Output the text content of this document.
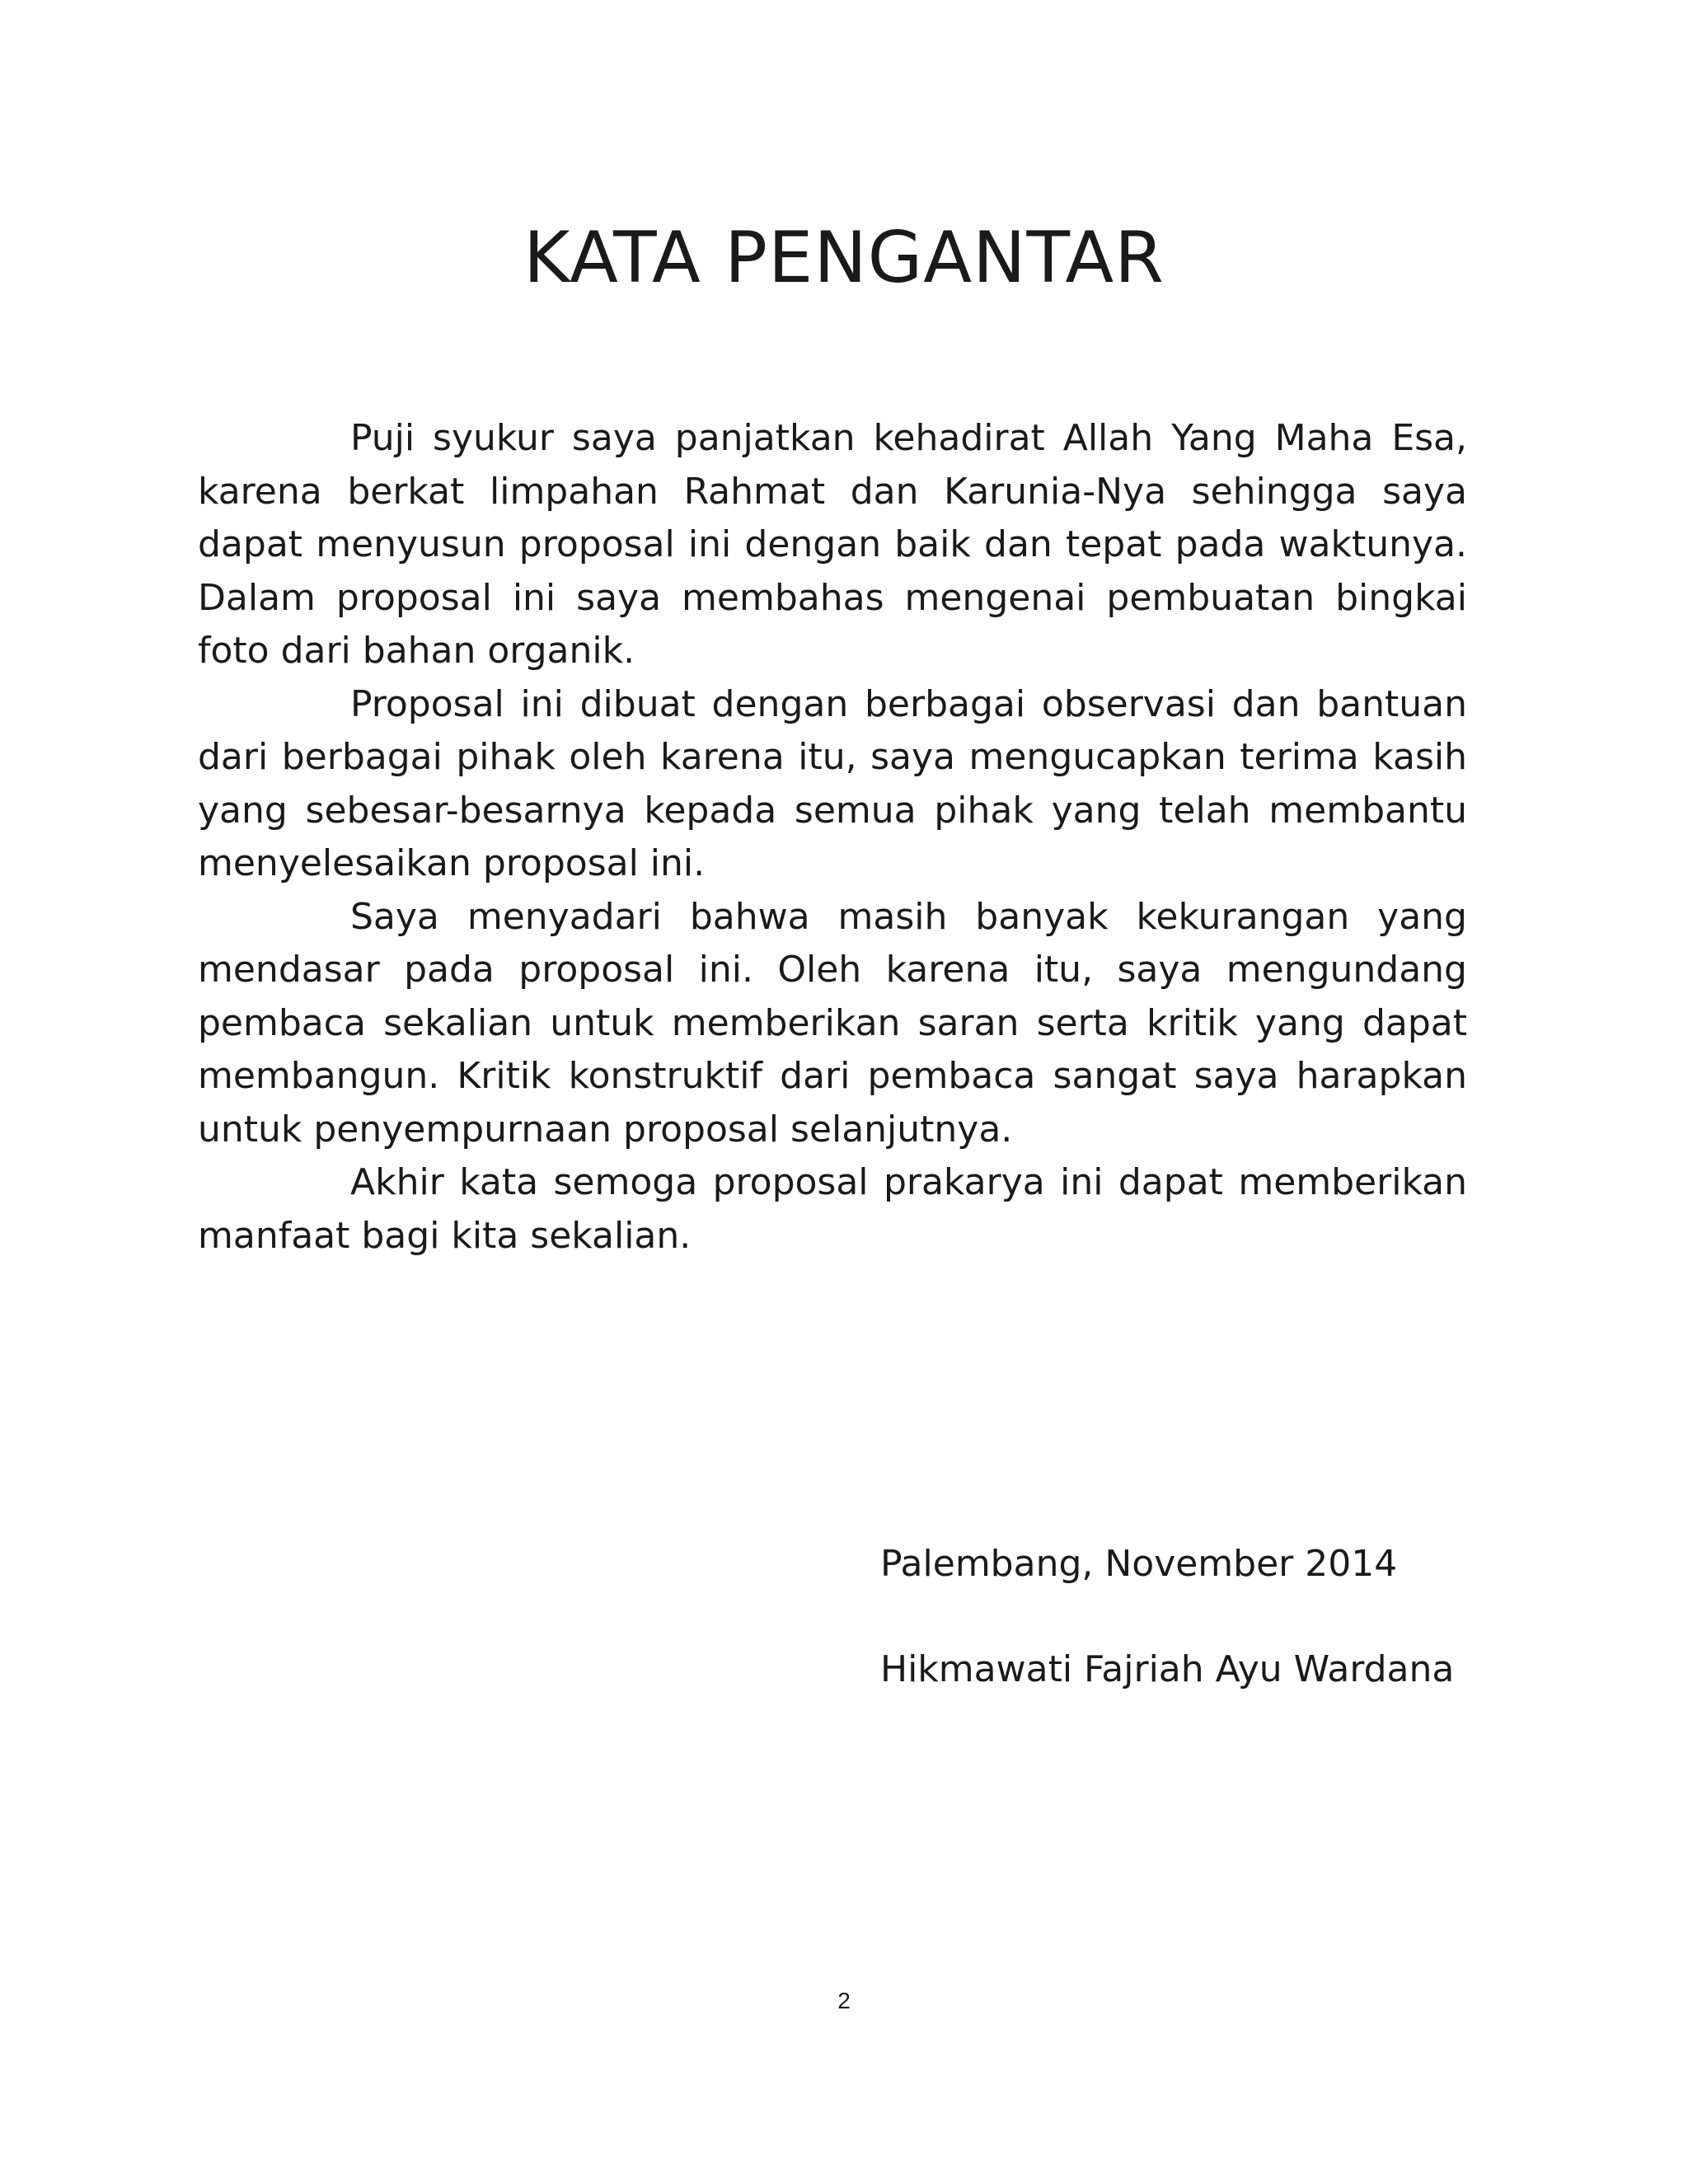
KATA PENGANTAR

Puji syukur saya panjatkan kehadirat Allah Yang Maha Esa, karena berkat limpahan Rahmat dan Karunia-Nya sehingga saya dapat menyusun proposal ini dengan baik dan tepat pada waktunya. Dalam proposal ini saya membahas mengenai pembuatan bingkai foto dari bahan organik.

Proposal ini dibuat dengan berbagai observasi dan bantuan dari berbagai pihak oleh karena itu, saya mengucapkan terima kasih yang sebesar-besarnya kepada semua pihak yang telah membantu menyelesaikan proposal ini.

Saya menyadari bahwa masih banyak kekurangan yang mendasar pada proposal ini. Oleh karena itu, saya mengundang pembaca sekalian untuk memberikan saran serta kritik yang dapat membangun. Kritik konstruktif dari pembaca sangat saya harapkan untuk penyempurnaan proposal selanjutnya.

Akhir kata semoga proposal prakarya ini dapat memberikan manfaat bagi kita sekalian.

Palembang, November 2014
Hikmawati Fajriah Ayu Wardana
2
